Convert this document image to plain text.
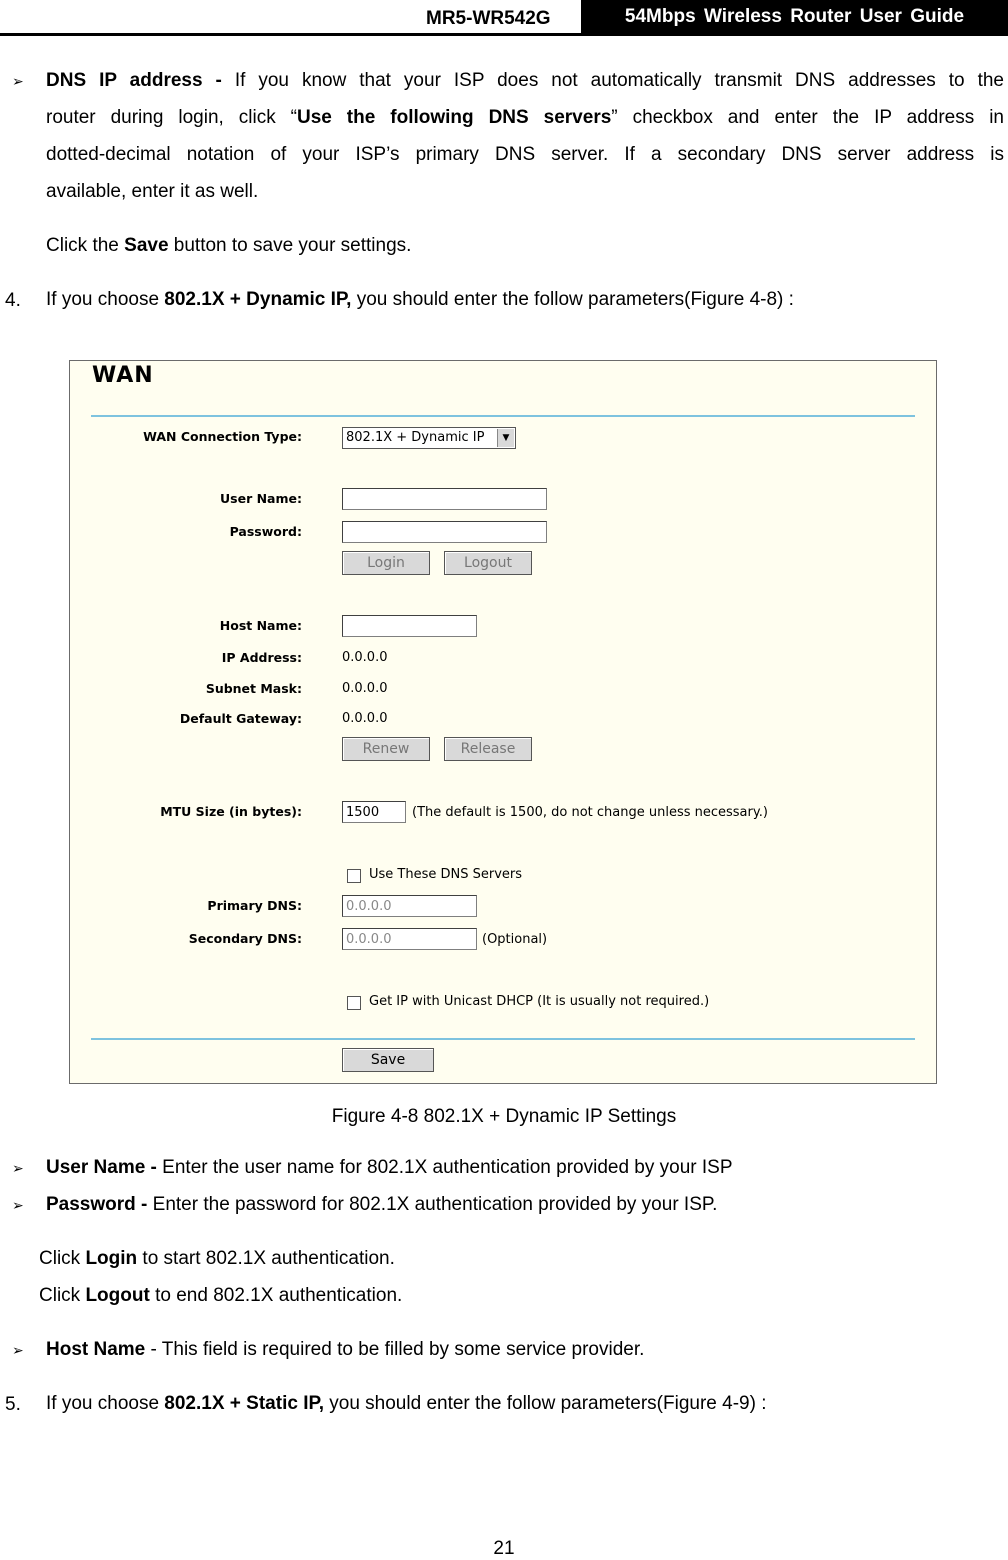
MR5-WR542G	54Mbps Wireless Router User Guide
➢ DNS IP address - If you know that your ISP does not automatically transmit DNS addresses to the
router during login, click “Use the following DNS servers” checkbox and enter the IP address in
dotted-decimal notation of your ISP’s primary DNS server. If a secondary DNS server address is
available, enter it as well.
Click the Save button to save your settings.
4. If you choose 802.1X + Dynamic IP, you should enter the follow parameters(Figure 4-8) :
WAN
WAN Connection Type:	802.1X + Dynamic IP	▼
User Name:
Password:
Login	Logout
Host Name:
IP Address:	0.0.0.0
Subnet Mask:	0.0.0.0
Default Gateway:	0.0.0.0
Renew	Release
MTU Size (in bytes):	1500	(The default is 1500, do not change unless necessary.)
Use These DNS Servers
Primary DNS:	0.0.0.0
Secondary DNS:	0.0.0.0	(Optional)
Get IP with Unicast DHCP (It is usually not required.)
Save
Figure 4-8 802.1X + Dynamic IP Settings
➢ User Name - Enter the user name for 802.1X authentication provided by your ISP
➢ Password - Enter the password for 802.1X authentication provided by your ISP.
Click Login to start 802.1X authentication.
Click Logout to end 802.1X authentication.
➢ Host Name - This field is required to be filled by some service provider.
5. If you choose 802.1X + Static IP, you should enter the follow parameters(Figure 4-9) :
21
